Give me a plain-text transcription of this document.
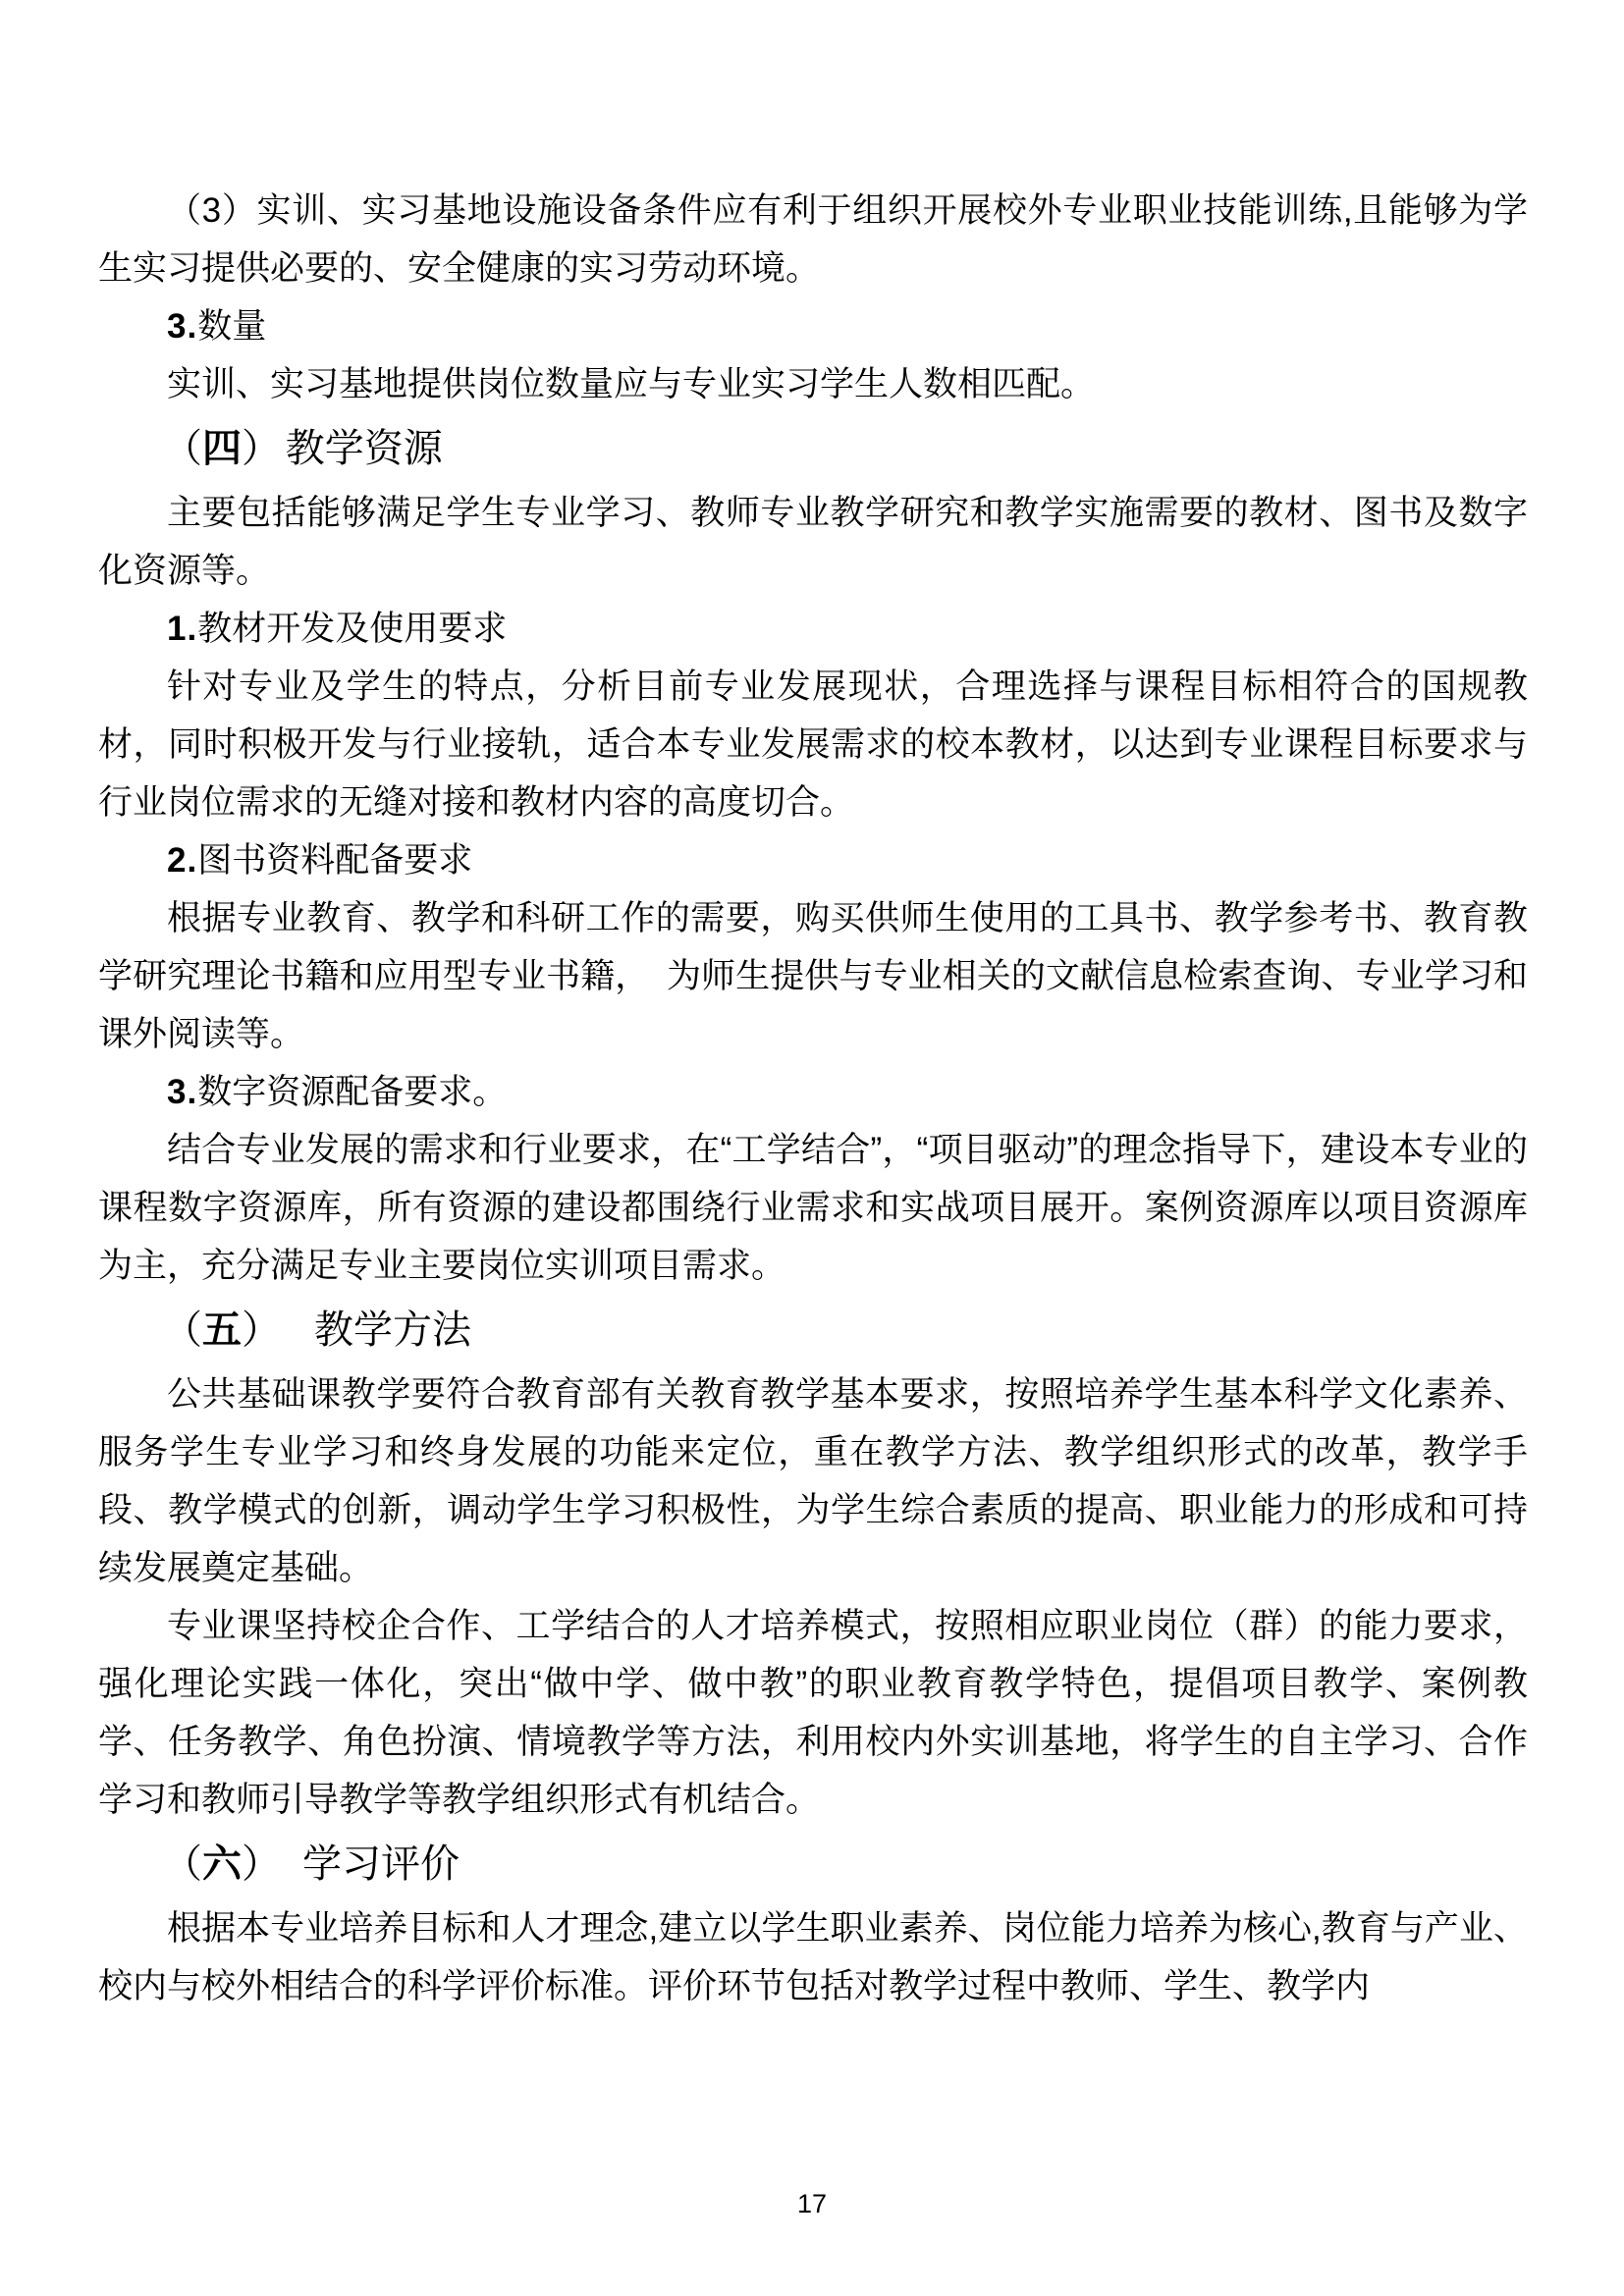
（3）实训、实习基地设施设备条件应有利于组织开展校外专业职业技能训练,且能够为学生实习提供必要的、安全健康的实习劳动环境。

3.数量

实训、实习基地提供岗位数量应与专业实习学生人数相匹配。

（四） 教学资源

主要包括能够满足学生专业学习、教师专业教学研究和教学实施需要的教材、图书及数字化资源等。

1.教材开发及使用要求

针对专业及学生的特点，分析目前专业发展现状，合理选择与课程目标相符合的国规教材，同时积极开发与行业接轨，适合本专业发展需求的校本教材，以达到专业课程目标要求与行业岗位需求的无缝对接和教材内容的高度切合。

2.图书资料配备要求

根据专业教育、教学和科研工作的需要，购买供师生使用的工具书、教学参考书、教育教学研究理论书籍和应用型专业书籍，　为师生提供与专业相关的文献信息检索查询、专业学习和课外阅读等。

3.数字资源配备要求。

结合专业发展的需求和行业要求，在“工学结合”，“项目驱动”的理念指导下，建设本专业的课程数字资源库，所有资源的建设都围绕行业需求和实战项目展开。案例资源库以项目资源库为主，充分满足专业主要岗位实训项目需求。

（五） 教学方法

公共基础课教学要符合教育部有关教育教学基本要求，按照培养学生基本科学文化素养、服务学生专业学习和终身发展的功能来定位，重在教学方法、教学组织形式的改革，教学手段、教学模式的创新，调动学生学习积极性，为学生综合素质的提高、职业能力的形成和可持续发展奠定基础。

专业课坚持校企合作、工学结合的人才培养模式，按照相应职业岗位（群）的能力要求，强化理论实践一体化，突出“做中学、做中教”的职业教育教学特色，提倡项目教学、案例教学、任务教学、角色扮演、情境教学等方法，利用校内外实训基地，将学生的自主学习、合作学习和教师引导教学等教学组织形式有机结合。

（六） 学习评价

根据本专业培养目标和人才理念,建立以学生职业素养、岗位能力培养为核心,教育与产业、校内与校外相结合的科学评价标准。评价环节包括对教学过程中教师、学生、教学内

17
